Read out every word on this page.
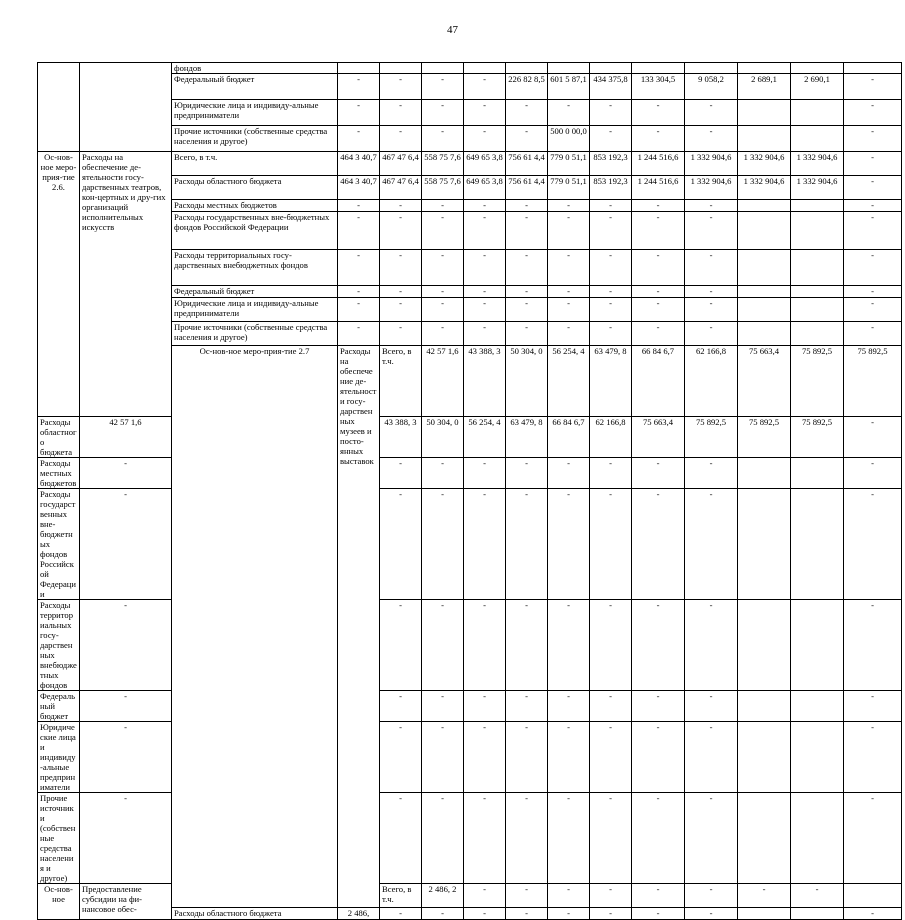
47
		фондов													
		Федеральный бюджет	-	-	-	-	226 82 8,5	601 5 87,1	434 375,8	133 304,5	9 058,2	2 689,1	2 690,1	-	
		Юридические лица и индивиду-альные предприниматели	-	-	-	-	-	-	-	-	-			-	
		Прочие источники (собственные средства населения и другое)	-	-	-	-	-	500 0 00,0	-	-	-			-	
Ос-нов-ное меро-прия-тие 2.6.	Расходы на обеспечение де-ятельности госу-дарственных театров, кон-цертных и дру-гих организаций исполнительных искусств	Всего, в т.ч.	464 3 40,7	467 47 6,4	558 75 7,6	649 65 3,8	756 61 4,4	779 0 51,1	853 192,3	1 244 516,6	1 332 904,6	1 332 904,6	1 332 904,6	-	
		Расходы областного бюджета	464 3 40,7	467 47 6,4	558 75 7,6	649 65 3,8	756 61 4,4	779 0 51,1	853 192,3	1 244 516,6	1 332 904,6	1 332 904,6	1 332 904,6	-	
		Расходы местных бюджетов	-	-	-	-	-	-	-	-	-			-	
		Расходы государственных вне-бюджетных фондов Российской Федерации	-	-	-	-	-	-	-	-	-			-	
		Расходы территориальных госу-дарственных внебюджетных фондов	-	-	-	-	-	-	-	-	-			-	
		Федеральный бюджет	-	-	-	-	-	-	-	-	-			-	
		Юридические лица и индивиду-альные предприниматели	-	-	-	-	-	-	-	-	-			-	
		Прочие источники (собственные средства населения и другое)	-	-	-	-	-	-	-	-	-			-	
		Ос-нов-ное меро-прия-тие 2.7	Расходы на обеспечение де-ятельности госу-дарственных музеев и посто-янных выставок	Всего, в т.ч.	42 57 1,6	43 388, 3	50 304, 0	56 254, 4	63 479, 8	66 84 6,7	62 166,8	75 663,4	75 892,5	75 892,5		
Расходы областного бюджета	42 57 1,6			43 388, 3	50 304, 0	56 254, 4	63 479, 8	66 84 6,7	62 166,8	75 663,4	75 892,5	75 892,5	75 892,5	-	
Расходы местных бюджетов	-			-	-	-	-	-	-	-	-			-	
Расходы государственных вне-бюджетных фондов Российской Федерации	-			-	-	-	-	-	-	-	-			-	
Расходы территориальных госу-дарственных внебюджетных фондов	-			-	-	-	-	-	-	-	-			-	
Федеральный бюджет	-			-	-	-	-	-	-	-	-			-	
Юридические лица и индивиду-альные предприниматели	-			-	-	-	-	-	-	-	-			-	
Прочие источники (собственные средства населения и другое)	-			-	-	-	-	-	-	-	-			-	
Ос-нов-ное	Предоставление субсидии на фи-нансовое обес-			Всего, в т.ч.	2 486, 2	-	-	-	-	-	-	-	-			
		Расходы областного бюджета	2 486,	-	-	-	-	-	-	-	-			-	
